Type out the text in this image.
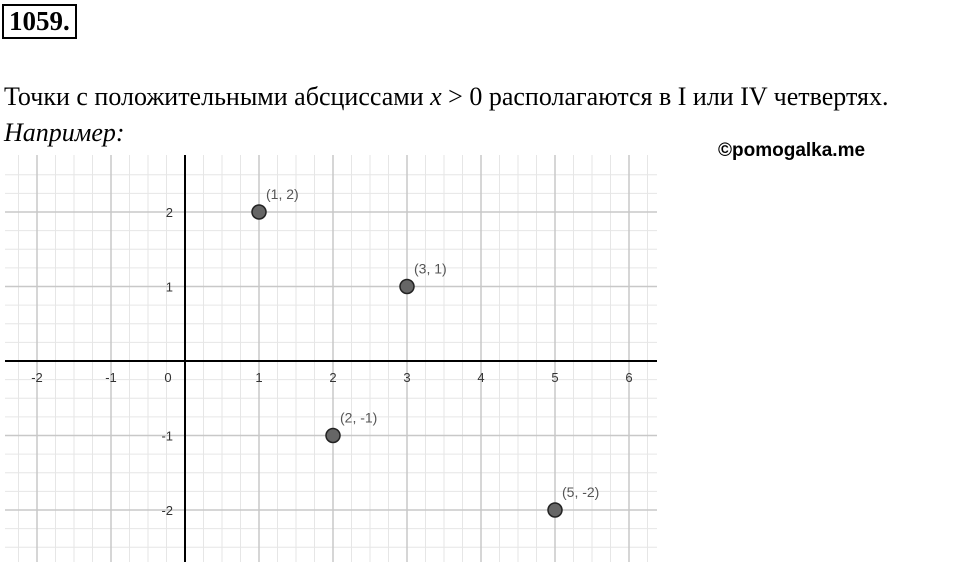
1059.
Точки с положительными абсциссами x > 0 располагаются в I или IV четвертях.
Например:
©pomogalka.me
-2	-1	0	1	2	3	4	5	6
2
1
-1
-2
(1, 2)
(3, 1)
(2, -1)
(5, -2)
